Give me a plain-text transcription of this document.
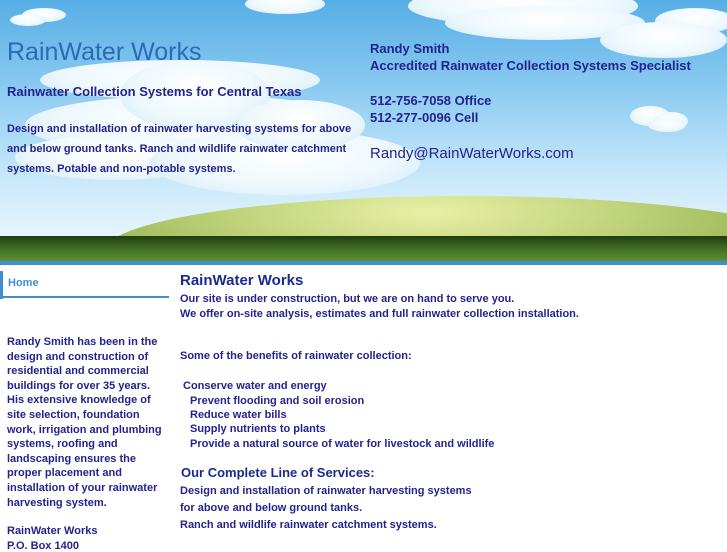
RainWater Works
Rainwater Collection Systems for Central Texas
Design and installation of rainwater harvesting systems for above and below ground tanks. Ranch and wildlife rainwater catchment systems. Potable and non-potable systems.
Randy Smith
Accredited Rainwater Collection Systems Specialist
512-756-7058 Office
512-277-0096 Cell
Randy@RainWaterWorks.com
Home
Randy Smith has been in the design and construction of residential and commercial buildings for over 35 years. His extensive knowledge of site selection, foundation work, irrigation and plumbing systems, roofing and landscaping ensures the proper placement and installation of your rainwater harvesting system.
RainWater Works
P.O. Box 1400
RainWater Works
Our site is under construction, but we are on hand to serve you.
We offer on-site analysis, estimates and full rainwater collection installation.
Some of the benefits of rainwater collection:
Conserve water and energy
Prevent flooding and soil erosion
Reduce water bills
Supply nutrients to plants
Provide a natural source of water for livestock and wildlife
Our Complete Line of Services:
Design and installation of rainwater harvesting systems
for above and below ground tanks.
Ranch and wildlife rainwater catchment systems.
